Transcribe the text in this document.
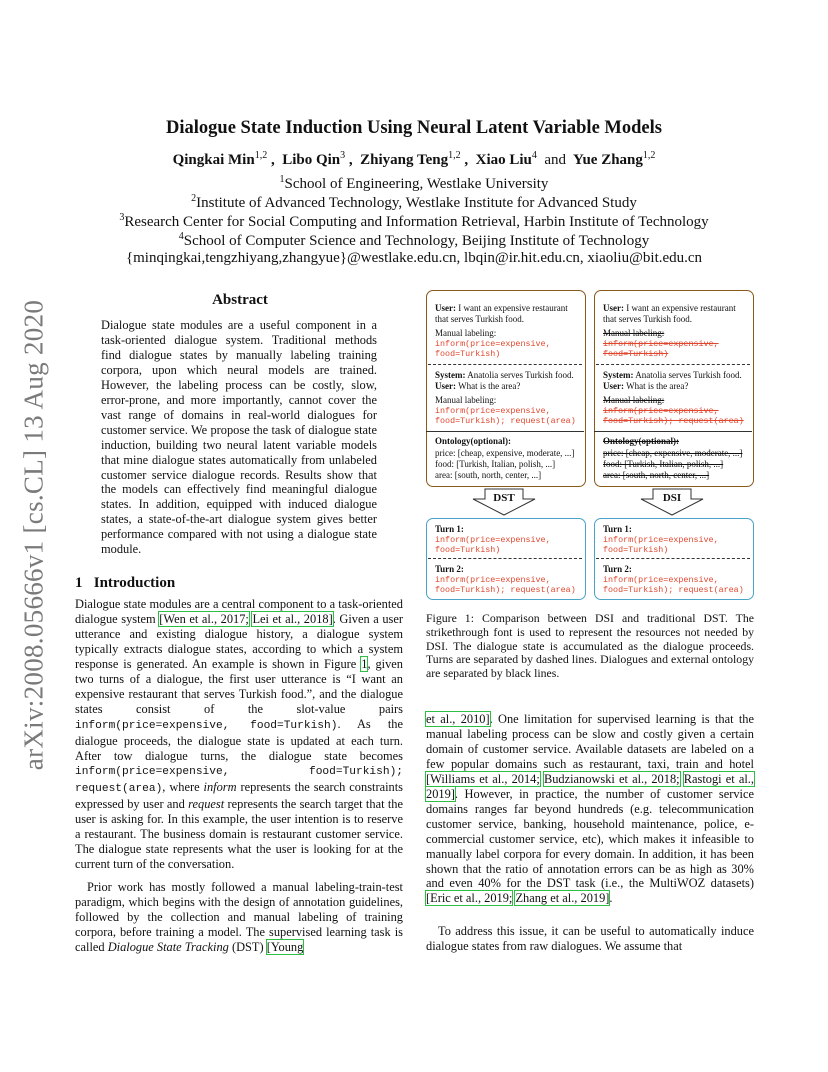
Dialogue State Induction Using Neural Latent Variable Models
Qingkai Min$^{1,2}$ ,  Libo Qin$^3$ ,  Zhiyang Teng$^{1,2}$ ,  Xiao Liu$^4$ and Yue Zhang$^{1,2}$
$^1$School of Engineering, Westlake University
$^2$Institute of Advanced Technology, Westlake Institute for Advanced Study
$^3$Research Center for Social Computing and Information Retrieval, Harbin Institute of Technology
$^4$School of Computer Science and Technology, Beijing Institute of Technology
{minqingkai,tengzhiyang,zhangyue}@westlake.edu.cn, lbqin@ir.hit.edu.cn, xiaoliu@bit.edu.cn
arXiv:2008.05666v1 [cs.CL] 13 Aug 2020	Abstract
Dialogue state modules are a useful component in a task-oriented dialogue system. Traditional methods find dialogue states by manually labeling training corpora, upon which neural models are trained. However, the labeling process can be costly, slow, error-prone, and more importantly, cannot cover the vast range of domains in real-world dialogues for customer service. We propose the task of dialogue state induction, building two neural latent variable models that mine dialogue states automatically from unlabeled customer service dialogue records. Results show that the models can effectively find meaningful dialogue states. In addition, equipped with induced dialogue states, a state-of-the-art dialogue system gives better performance compared with not using a dialogue state module.
1 Introduction
Dialogue state modules are a central component to a task-oriented dialogue system [Wen et al., 2017; Lei et al., 2018]. Given a user utterance and existing dialogue history, a dialogue system typically extracts dialogue states, according to which a system response is generated. An example is shown in Figure 1, given two turns of a dialogue, the first user utterance is “I want an expensive restaurant that serves Turkish food.”, and the dialogue states consist of the slot-value pairs inform(price=expensive, food=Turkish). As the dialogue proceeds, the dialogue state is updated at each turn. After tow dialogue turns, the dialogue state becomes inform(price=expensive, food=Turkish); request(area), where inform represents the search constraints expressed by user and request represents the search target that the user is asking for. In this example, the user intention is to reserve a restaurant. The business domain is restaurant customer service. The dialogue state represents what the user is looking for at the current turn of the conversation.
Prior work has mostly followed a manual labeling-train-test paradigm, which begins with the design of annotation guidelines, followed by the collection and manual labeling of training corpora, before training a model. The supervised learning task is called Dialogue State Tracking (DST) [Young
User: I want an expensive restaurant
that serves Turkish food.
Manual labeling:
inform(price=expensive,
food=Turkish)
System: Anatolia serves Turkish food.
User: What is the area?
Manual labeling:
inform(price=expensive,
food=Turkish); request(area)
Ontology(optional):
price: [cheap, expensive, moderate, ...]
food: [Turkish, Italian, polish, ...]
area: [south, north, center, ...]
User: I want an expensive restaurant
that serves Turkish food.
Manual labeling:
inform(price=expensive,
food=Turkish)
System: Anatolia serves Turkish food.
User: What is the area?
Manual labeling:
inform(price=expensive,
food=Turkish); request(area)
Ontology(optional):
price: [cheap, expensive, moderate, ...]
food: [Turkish, Italian, polish, ...]
area: [south, north, center, ...]
DST	DSI
Turn 1:
inform(price=expensive,
food=Turkish)
Turn 2:
inform(price=expensive,
food=Turkish); request(area)
Turn 1:
inform(price=expensive,
food=Turkish)
Turn 2:
inform(price=expensive,
food=Turkish); request(area)
Figure 1: Comparison between DSI and traditional DST. The strikethrough font is used to represent the resources not needed by DSI. The dialogue state is accumulated as the dialogue proceeds. Turns are separated by dashed lines. Dialogues and external ontology are separated by black lines.
et al., 2010]. One limitation for supervised learning is that the manual labeling process can be slow and costly given a certain domain of customer service. Available datasets are labeled on a few popular domains such as restaurant, taxi, train and hotel [Williams et al., 2014; Budzianowski et al., 2018; Rastogi et al., 2019]. However, in practice, the number of customer service domains ranges far beyond hundreds (e.g. telecommunication customer service, banking, household maintenance, police, e-commercial customer service, etc), which makes it infeasible to manually label corpora for every domain. In addition, it has been shown that the ratio of annotation errors can be as high as 30% and even 40% for the DST task (i.e., the MultiWOZ datasets) [Eric et al., 2019; Zhang et al., 2019].
To address this issue, it can be useful to automatically induce dialogue states from raw dialogues. We assume that
